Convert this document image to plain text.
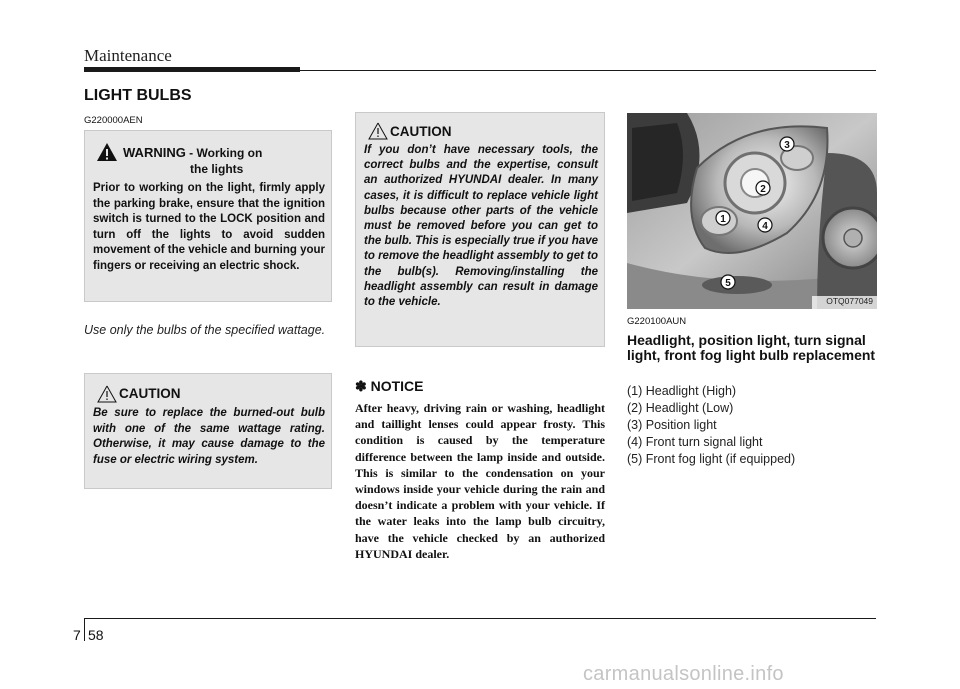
Maintenance
LIGHT BULBS
G220000AEN
WARNING - Working on
the lights
Prior to working on the light, firmly apply the parking brake, ensure that the ignition switch is turned to the LOCK position and turn off the lights to avoid sudden movement of the vehicle and burning your fingers or receiving an electric shock.
Use only the bulbs of the specified wattage.
CAUTION
Be sure to replace the burned-out bulb with one of the same wattage rating. Otherwise, it may cause damage to the fuse or electric wiring system.
CAUTION
If you don’t have necessary tools, the correct bulbs and the expertise, consult an authorized HYUNDAI dealer. In many cases, it is difficult to replace vehicle light bulbs because other parts of the vehicle must be removed before you can get to the bulb. This is especially true if you have to remove the headlight assembly to get to the bulb(s). Removing/installing the headlight assembly can result in damage to the vehicle.
✽ NOTICE
After heavy, driving rain or washing, headlight and taillight lenses could appear frosty. This condition is caused by the temperature difference between the lamp inside and outside. This is similar to the condensation on your windows inside your vehicle during the rain and doesn’t indicate a problem with your vehicle. If the water leaks into the lamp bulb circuitry, have the vehicle checked by an authorized HYUNDAI dealer.
1
2
3
4
5
OTQ077049
G220100AUN
Headlight, position light, turn signal light, front fog light bulb replacement
(1) Headlight (High)
(2) Headlight (Low)
(3) Position light
(4) Front turn signal light
(5) Front fog light (if equipped)
7 58
carmanualsonline.info
